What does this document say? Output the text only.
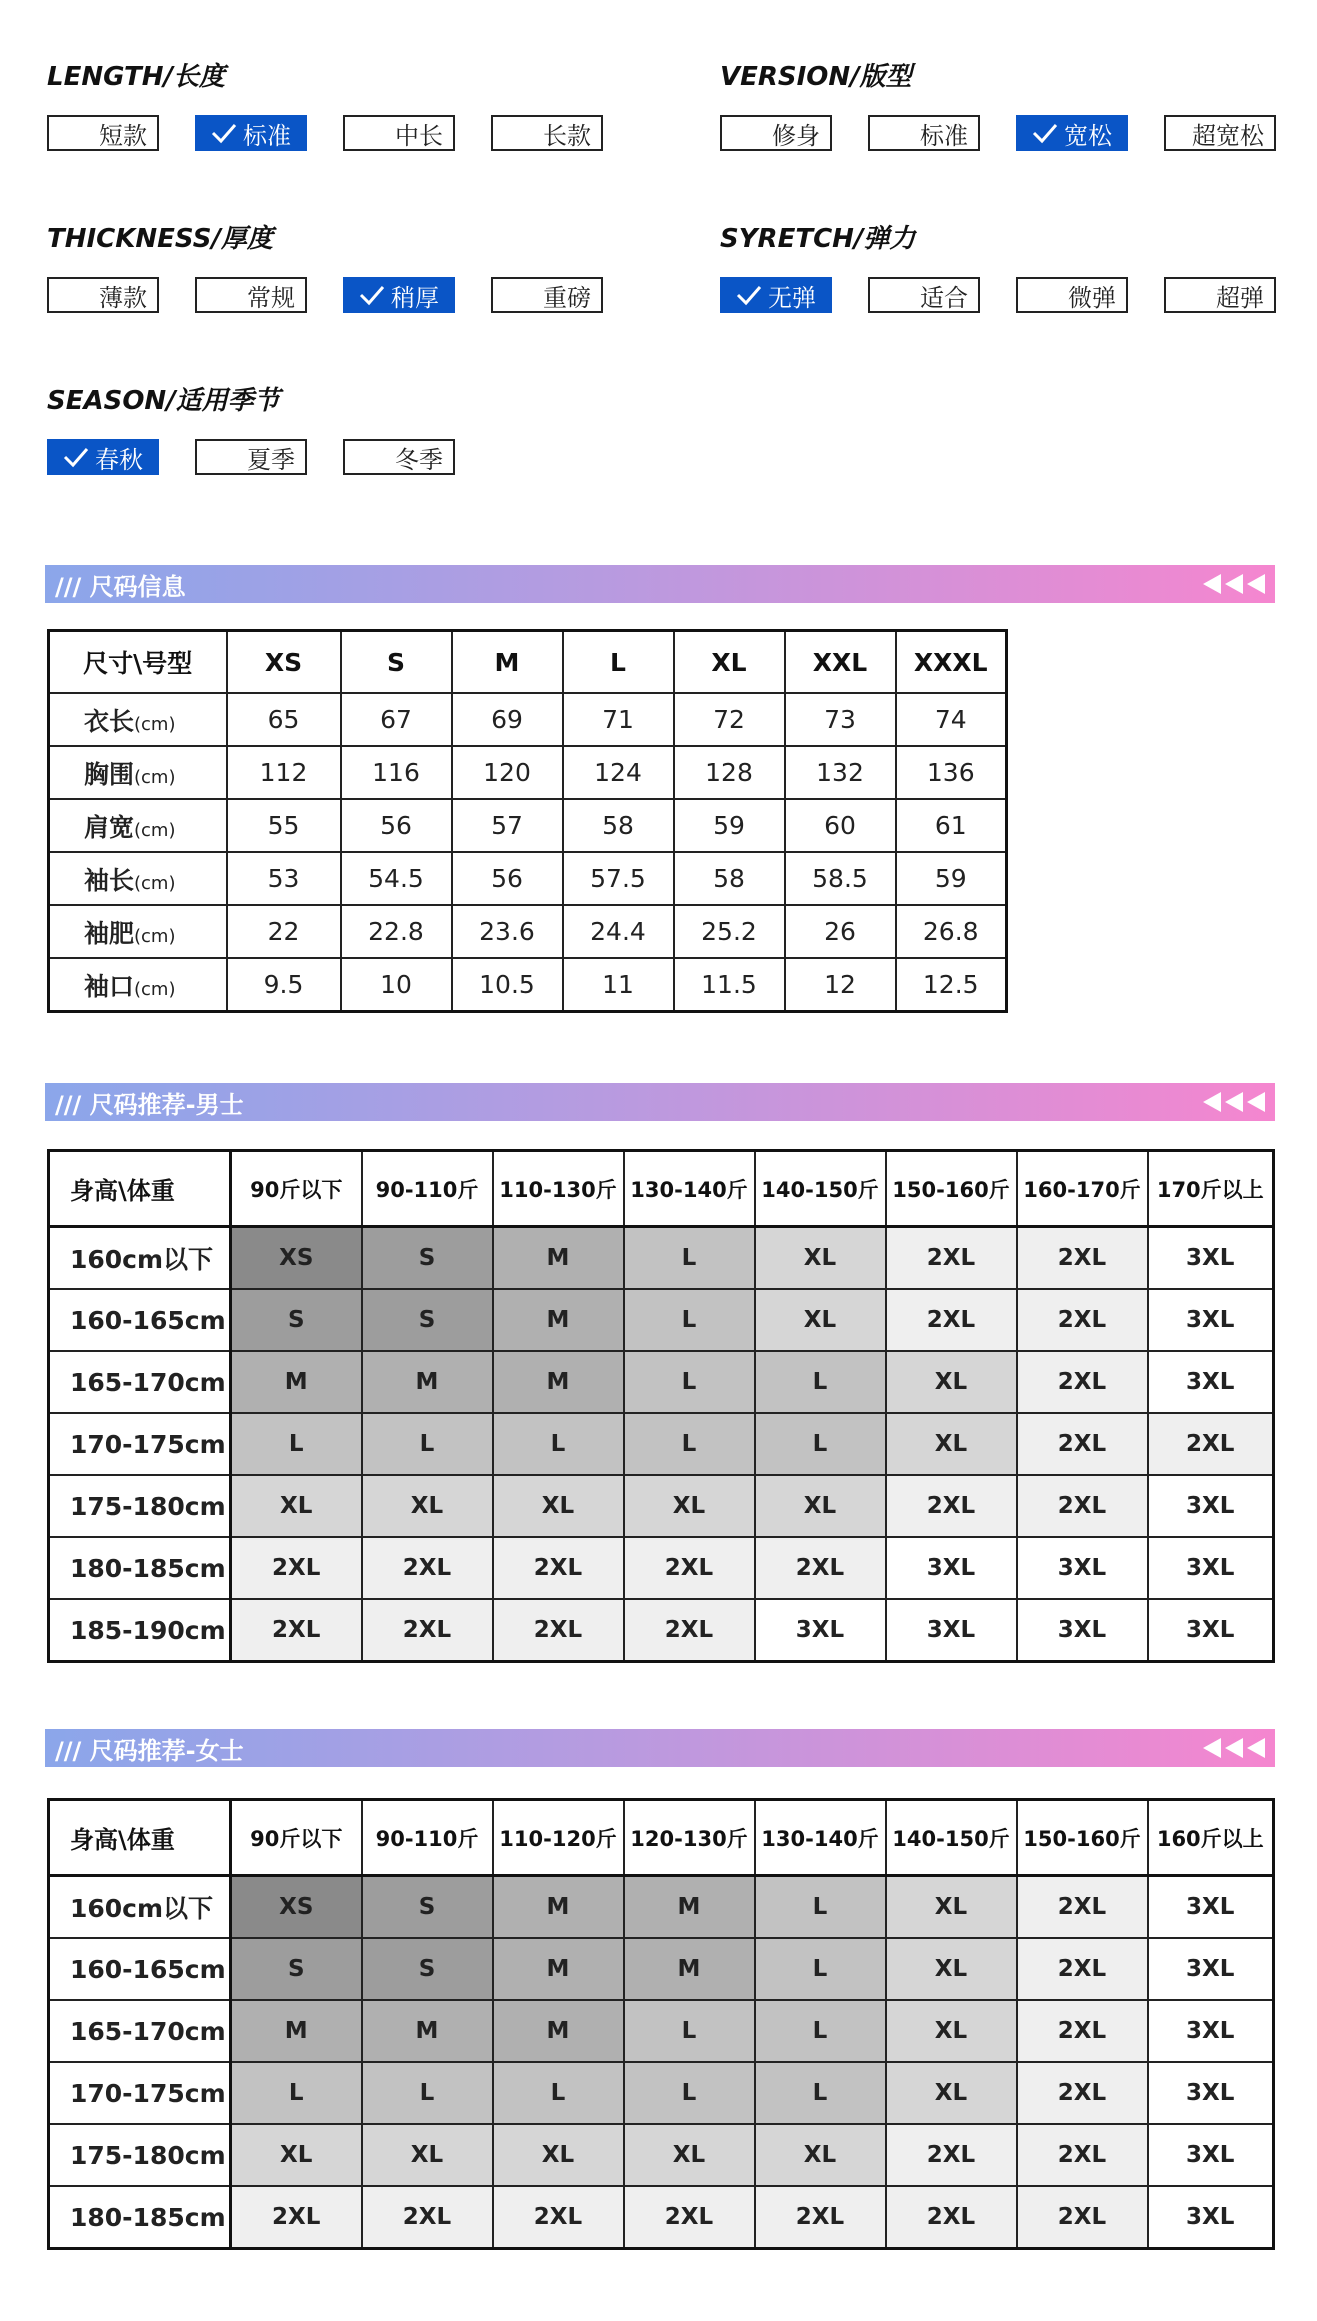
LENGTH/长度
短款	标准	中长	长款
VERSION/版型
修身	标准	宽松	超宽松
THICKNESS/厚度
薄款	常规	稍厚	重磅
SYRETCH/弹力
无弹	适合	微弹	超弹
SEASON/适用季节
春秋	夏季	冬季
/// 尺码信息
尺寸\号型	XS	S	M	L	XL	XXL	XXXL
衣长(cm)	65	67	69	71	72	73	74
胸围(cm)	112	116	120	124	128	132	136
肩宽(cm)	55	56	57	58	59	60	61
袖长(cm)	53	54.5	56	57.5	58	58.5	59
袖肥(cm)	22	22.8	23.6	24.4	25.2	26	26.8
袖口(cm)	9.5	10	10.5	11	11.5	12	12.5
/// 尺码推荐-男士
身高\体重	90斤以下	90-110斤	110-130斤	130-140斤	140-150斤	150-160斤	160-170斤	170斤以上
160cm以下	XS	S	M	L	XL	2XL	2XL	3XL
160-165cm	S	S	M	L	XL	2XL	2XL	3XL
165-170cm	M	M	M	L	L	XL	2XL	3XL
170-175cm	L	L	L	L	L	XL	2XL	2XL
175-180cm	XL	XL	XL	XL	XL	2XL	2XL	3XL
180-185cm	2XL	2XL	2XL	2XL	2XL	3XL	3XL	3XL
185-190cm	2XL	2XL	2XL	2XL	3XL	3XL	3XL	3XL
/// 尺码推荐-女士
身高\体重	90斤以下	90-110斤	110-120斤	120-130斤	130-140斤	140-150斤	150-160斤	160斤以上
160cm以下	XS	S	M	M	L	XL	2XL	3XL
160-165cm	S	S	M	M	L	XL	2XL	3XL
165-170cm	M	M	M	L	L	XL	2XL	3XL
170-175cm	L	L	L	L	L	XL	2XL	3XL
175-180cm	XL	XL	XL	XL	XL	2XL	2XL	3XL
180-185cm	2XL	2XL	2XL	2XL	2XL	2XL	2XL	3XL
